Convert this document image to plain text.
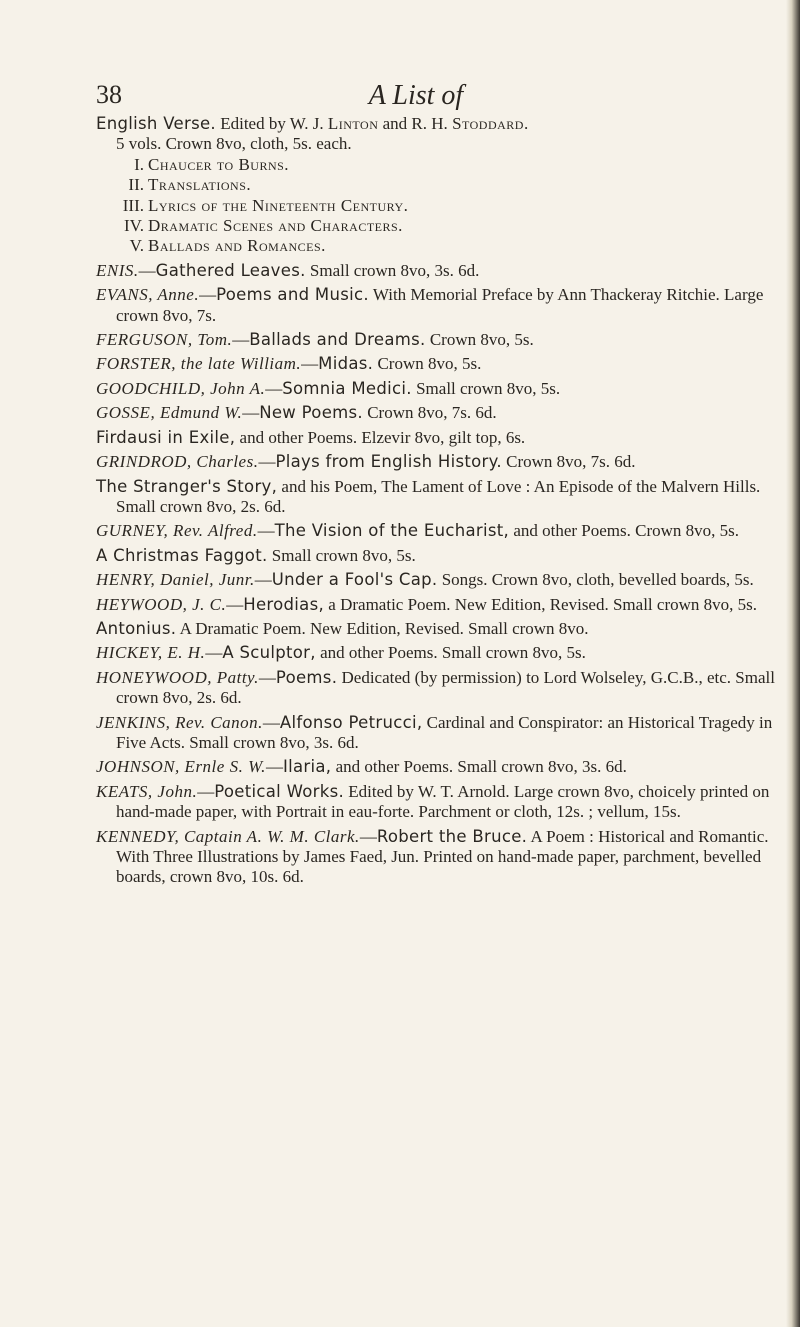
38	A List of

English Verse. Edited by W. J. Linton and R. H. Stoddard.

5 vols. Crown 8vo, cloth, 5s. each.
I. Chaucer to Burns.
II. Translations.
III. Lyrics of the Nineteenth Century.
IV. Dramatic Scenes and Characters.
V. Ballads and Romances.

ENIS.—Gathered Leaves. Small crown 8vo, 3s. 6d.

EVANS, Anne.—Poems and Music. With Memorial Preface by Ann Thackeray Ritchie. Large crown 8vo, 7s.

FERGUSON, Tom.—Ballads and Dreams. Crown 8vo, 5s.

FORSTER, the late William.—Midas. Crown 8vo, 5s.

GOODCHILD, John A.—Somnia Medici. Small crown 8vo, 5s.

GOSSE, Edmund W.—New Poems. Crown 8vo, 7s. 6d.

Firdausi in Exile, and other Poems. Elzevir 8vo, gilt top, 6s.

GRINDROD, Charles.—Plays from English History. Crown 8vo, 7s. 6d.

The Stranger's Story, and his Poem, The Lament of Love : An Episode of the Malvern Hills. Small crown 8vo, 2s. 6d.

GURNEY, Rev. Alfred.—The Vision of the Eucharist, and other Poems. Crown 8vo, 5s.

A Christmas Faggot. Small crown 8vo, 5s.

HENRY, Daniel, Junr.—Under a Fool's Cap. Songs. Crown 8vo, cloth, bevelled boards, 5s.

HEYWOOD, J. C.—Herodias, a Dramatic Poem. New Edition, Revised. Small crown 8vo, 5s.

Antonius. A Dramatic Poem. New Edition, Revised. Small crown 8vo.

HICKEY, E. H.—A Sculptor, and other Poems. Small crown 8vo, 5s.

HONEYWOOD, Patty.—Poems. Dedicated (by permission) to Lord Wolseley, G.C.B., etc. Small crown 8vo, 2s. 6d.

JENKINS, Rev. Canon.—Alfonso Petrucci, Cardinal and Conspirator: an Historical Tragedy in Five Acts. Small crown 8vo, 3s. 6d.

JOHNSON, Ernle S. W.—Ilaria, and other Poems. Small crown 8vo, 3s. 6d.

KEATS, John.—Poetical Works. Edited by W. T. Arnold. Large crown 8vo, choicely printed on hand-made paper, with Portrait in eau-forte. Parchment or cloth, 12s. ; vellum, 15s.

KENNEDY, Captain A. W. M. Clark.—Robert the Bruce. A Poem : Historical and Romantic. With Three Illustrations by James Faed, Jun. Printed on hand-made paper, parchment, bevelled boards, crown 8vo, 10s. 6d.
